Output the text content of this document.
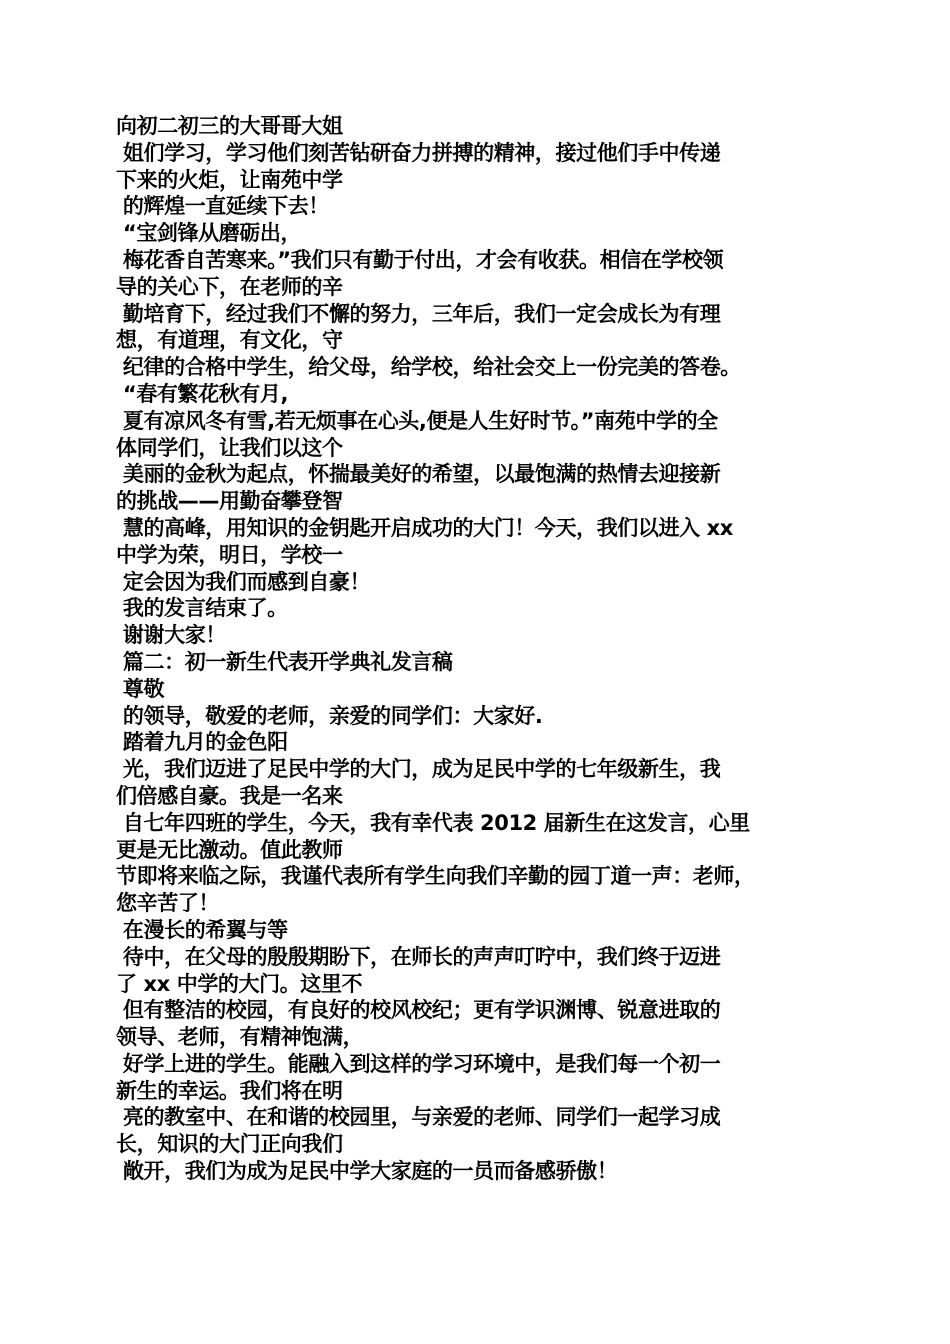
向初二初三的大哥哥大姐
姐们学习，学习他们刻苦钻研奋力拼搏的精神，接过他们手中传递
下来的火炬，让南苑中学
的辉煌一直延续下去！
“宝剑锋从磨砺出，
梅花香自苦寒来。”我们只有勤于付出，才会有收获。相信在学校领
导的关心下，在老师的辛
勤培育下，经过我们不懈的努力，三年后，我们一定会成长为有理
想，有道理，有文化，守
纪律的合格中学生，给父母，给学校，给社会交上一份完美的答卷。
“春有繁花秋有月,
夏有凉风冬有雪,若无烦事在心头,便是人生好时节。”南苑中学的全
体同学们，让我们以这个
美丽的金秋为起点，怀揣最美好的希望，以最饱满的热情去迎接新
的挑战——用勤奋攀登智
慧的高峰，用知识的金钥匙开启成功的大门！今天，我们以进入 xx
中学为荣，明日，学校一
定会因为我们而感到自豪！
我的发言结束了。
谢谢大家！
篇二：初一新生代表开学典礼发言稿
尊敬
的领导，敬爱的老师，亲爱的同学们：大家好.
踏着九月的金色阳
光，我们迈进了足民中学的大门，成为足民中学的七年级新生，我
们倍感自豪。我是一名来
自七年四班的学生，今天，我有幸代表 2012 届新生在这发言，心里
更是无比激动。值此教师
节即将来临之际，我谨代表所有学生向我们辛勤的园丁道一声：老师，
您辛苦了！
在漫长的希翼与等
待中，在父母的殷殷期盼下，在师长的声声叮咛中，我们终于迈进
了 xx 中学的大门。这里不
但有整洁的校园，有良好的校风校纪；更有学识渊博、锐意进取的
领导、老师，有精神饱满，
好学上进的学生。能融入到这样的学习环境中，是我们每一个初一
新生的幸运。我们将在明
亮的教室中、在和谐的校园里，与亲爱的老师、同学们一起学习成
长，知识的大门正向我们
敞开，我们为成为足民中学大家庭的一员而备感骄傲！
